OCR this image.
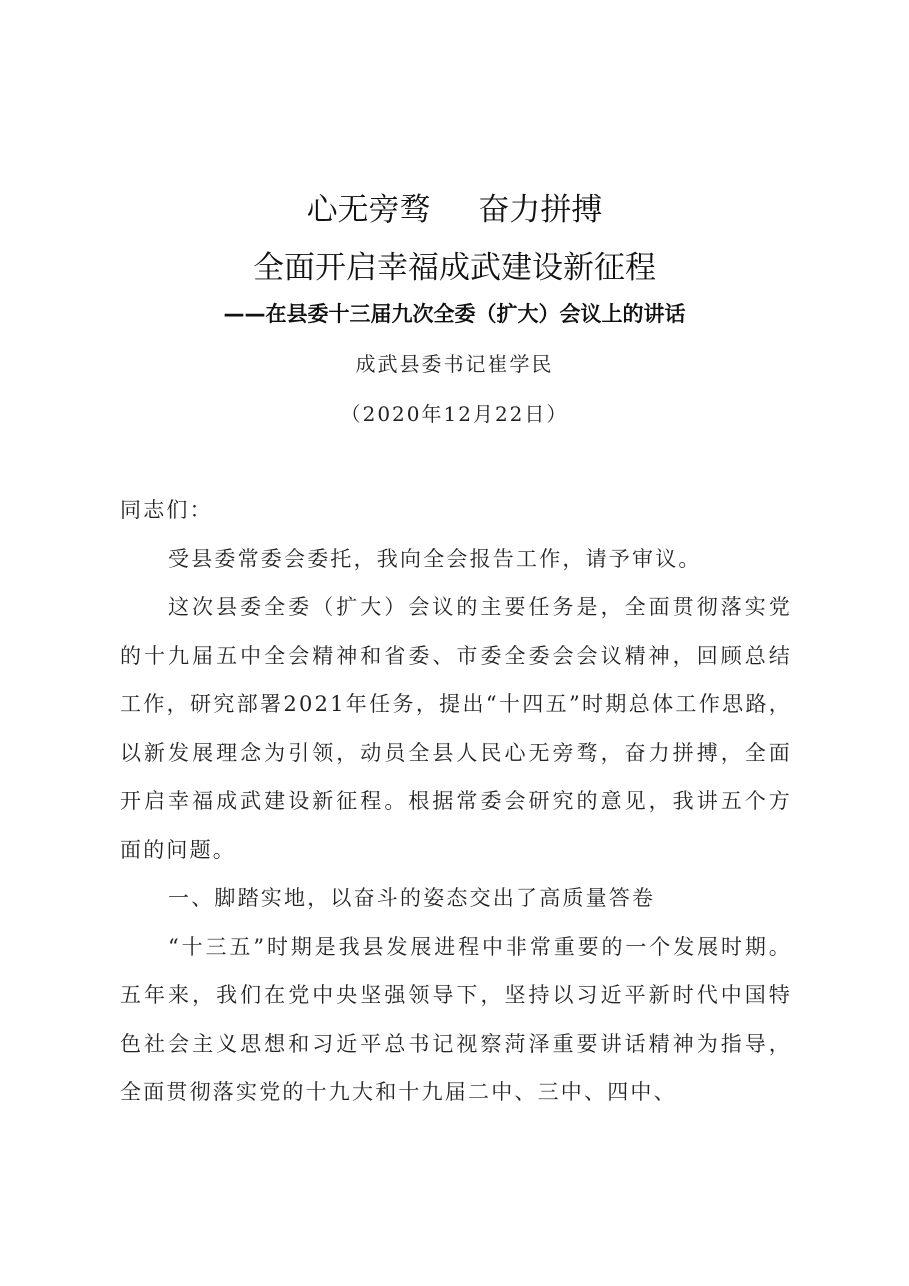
心无旁骛 奋力拼搏
全面开启幸福成武建设新征程
——在县委十三届九次全委（扩大）会议上的讲话
成武县委书记崔学民
（2020年12月22日）

同志们：

受县委常委会委托，我向全会报告工作，请予审议。

这次县委全委（扩大）会议的主要任务是，全面贯彻落实党的十九届五中全会精神和省委、市委全委会会议精神，回顾总结工作，研究部署2021年任务，提出“十四五”时期总体工作思路，以新发展理念为引领，动员全县人民心无旁骛，奋力拼搏，全面开启幸福成武建设新征程。根据常委会研究的意见，我讲五个方面的问题。

一、脚踏实地，以奋斗的姿态交出了高质量答卷

“十三五”时期是我县发展进程中非常重要的一个发展时期。五年来，我们在党中央坚强领导下，坚持以习近平新时代中国特色社会主义思想和习近平总书记视察菏泽重要讲话精神为指导，全面贯彻落实党的十九大和十九届二中、三中、四中、
